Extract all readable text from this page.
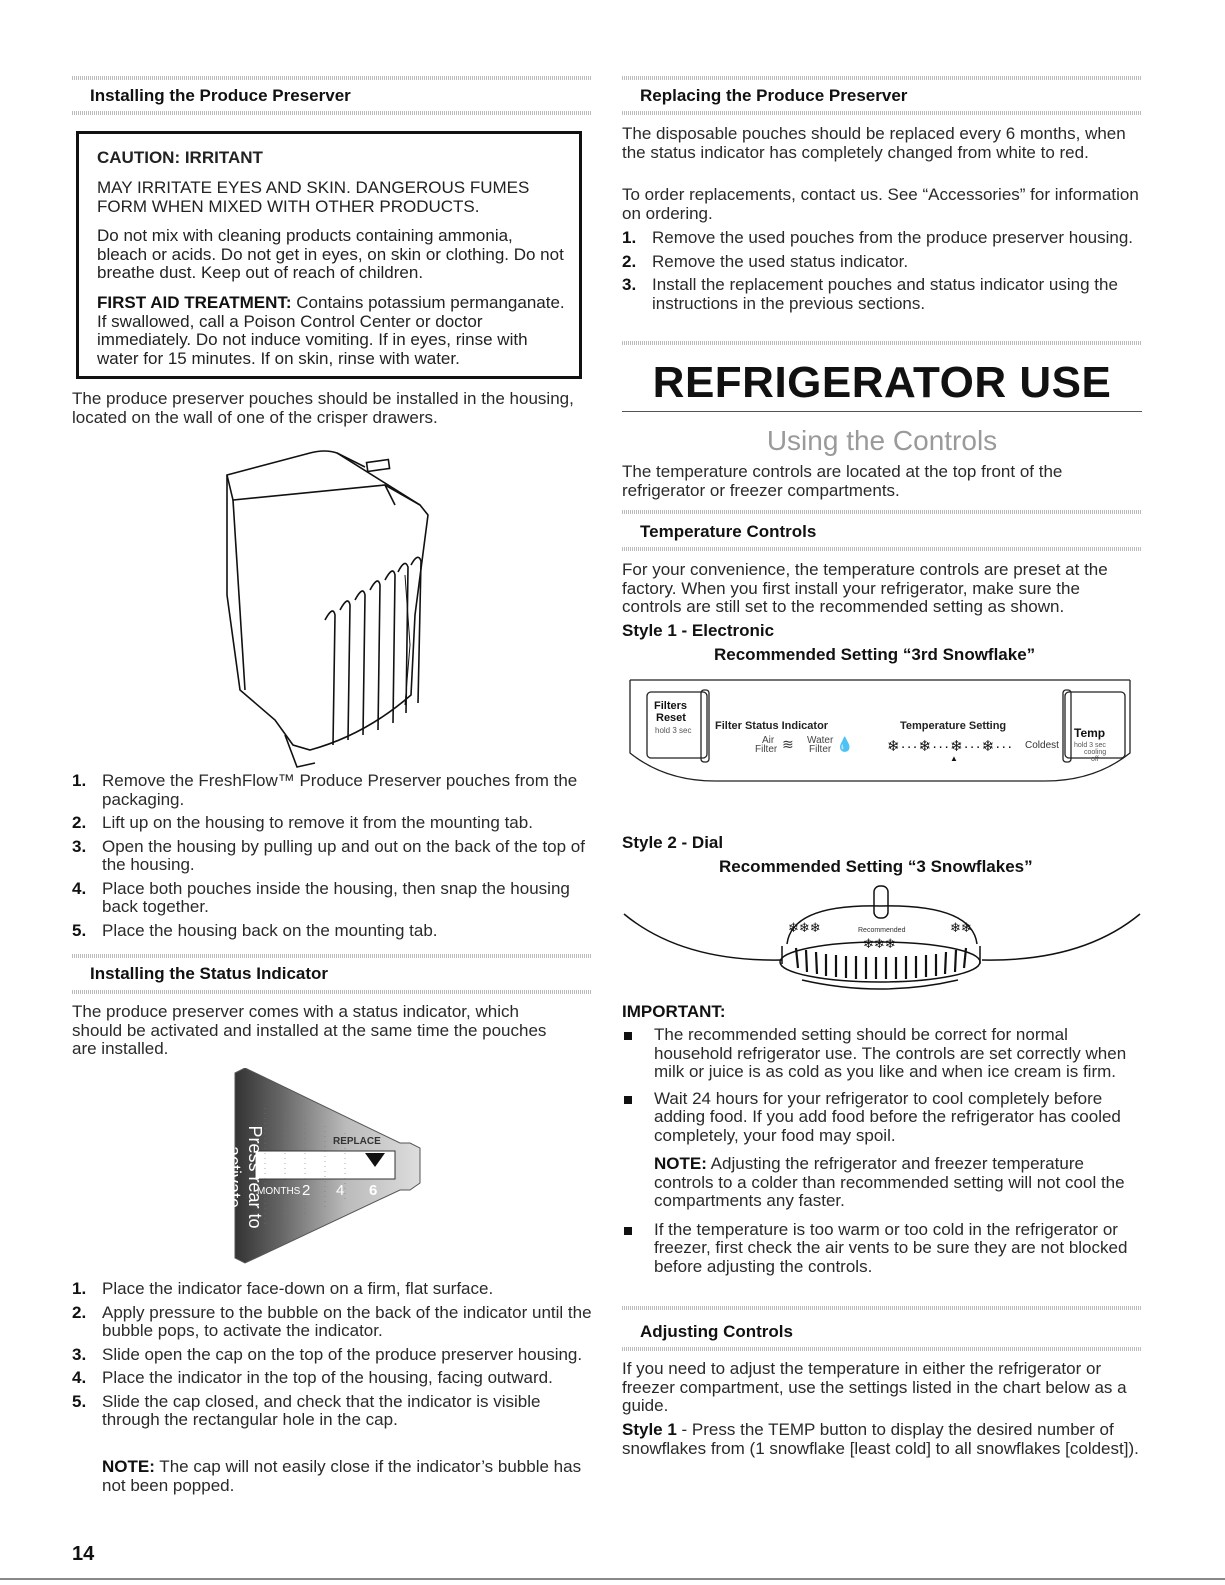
Installing the Produce Preserver
CAUTION: IRRITANT
MAY IRRITATE EYES AND SKIN. DANGEROUS FUMES FORM WHEN MIXED WITH OTHER PRODUCTS.
Do not mix with cleaning products containing ammonia, bleach or acids. Do not get in eyes, on skin or clothing. Do not breathe dust. Keep out of reach of children.
FIRST AID TREATMENT: Contains potassium permanganate. If swallowed, call a Poison Control Center or doctor immediately. Do not induce vomiting. If in eyes, rinse with water for 15 minutes. If on skin, rinse with water.
The produce preserver pouches should be installed in the housing, located on the wall of one of the crisper drawers.
1. Remove the FreshFlow™ Produce Preserver pouches from the packaging.
2. Lift up on the housing to remove it from the mounting tab.
3. Open the housing by pulling up and out on the back of the top of the housing.
4. Place both pouches inside the housing, then snap the housing back together.
5. Place the housing back on the mounting tab.
Installing the Status Indicator
The produce preserver comes with a status indicator, which should be activated and installed at the same time the pouches are installed.
Press rear to activate
REPLACE
MONTHS 2 4 6
1. Place the indicator face-down on a firm, flat surface.
2. Apply pressure to the bubble on the back of the indicator until the bubble pops, to activate the indicator.
3. Slide open the cap on the top of the produce preserver housing.
4. Place the indicator in the top of the housing, facing outward.
5. Slide the cap closed, and check that the indicator is visible through the rectangular hole in the cap.
NOTE: The cap will not easily close if the indicator’s bubble has not been popped.
14
Replacing the Produce Preserver
The disposable pouches should be replaced every 6 months, when the status indicator has completely changed from white to red.
To order replacements, contact us. See “Accessories” for information on ordering.
1. Remove the used pouches from the produce preserver housing.
2. Remove the used status indicator.
3. Install the replacement pouches and status indicator using the instructions in the previous sections.
REFRIGERATOR USE
Using the Controls
The temperature controls are located at the top front of the refrigerator or freezer compartments.
Temperature Controls
For your convenience, the temperature controls are preset at the factory. When you first install your refrigerator, make sure the controls are still set to the recommended setting as shown.
Style 1 - Electronic
Recommended Setting “3rd Snowflake”
Filters
Reset
hold 3 sec Filter Status Indicator
Air
Filter ≋ Water
Filter 💧
Temperature Setting
❄···❄···❄···❄··· Coldest
▲
Temp
hold 3 sec
cooling
off
Style 2 - Dial
Recommended Setting “3 Snowflakes”
❄❄❄	Recommended
❄❄❄
❄❄
IMPORTANT:
The recommended setting should be correct for normal household refrigerator use. The controls are set correctly when milk or juice is as cold as you like and when ice cream is firm.
Wait 24 hours for your refrigerator to cool completely before adding food. If you add food before the refrigerator has cooled completely, your food may spoil.
NOTE: Adjusting the refrigerator and freezer temperature controls to a colder than recommended setting will not cool the compartments any faster.
If the temperature is too warm or too cold in the refrigerator or freezer, first check the air vents to be sure they are not blocked before adjusting the controls.
Adjusting Controls
If you need to adjust the temperature in either the refrigerator or freezer compartment, use the settings listed in the chart below as a guide.
Style 1 - Press the TEMP button to display the desired number of snowflakes from (1 snowflake [least cold] to all snowflakes [coldest]).
